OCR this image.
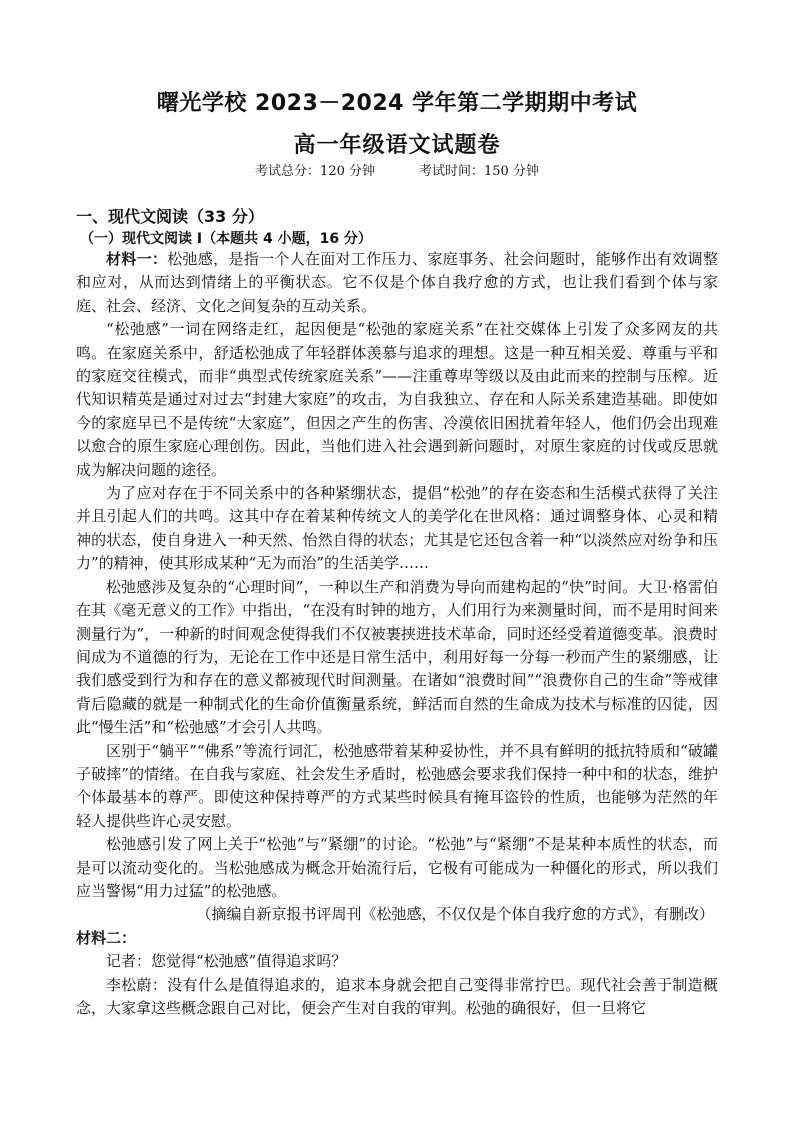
曙光学校 2023－2024 学年第二学期期中考试
高一年级语文试题卷
考试总分：120 分钟	考试时间：150 分钟
一、现代文阅读（33 分）
（一）现代文阅读 Ⅰ（本题共 4 小题，16 分）

材料一：松弛感，是指一个人在面对工作压力、家庭事务、社会问题时，能够作出有效调整和应对，从而达到情绪上的平衡状态。它不仅是个体自我疗愈的方式，也让我们看到个体与家庭、社会、经济、文化之间复杂的互动关系。

“松弛感”一词在网络走红，起因便是“松弛的家庭关系”在社交媒体上引发了众多网友的共鸣。在家庭关系中，舒适松弛成了年轻群体羡慕与追求的理想。这是一种互相关爱、尊重与平和的家庭交往模式，而非“典型式传统家庭关系”——注重尊卑等级以及由此而来的控制与压榨。近代知识精英是通过对过去“封建大家庭”的攻击，为自我独立、存在和人际关系建造基础。即使如今的家庭早已不是传统“大家庭”，但因之产生的伤害、冷漠依旧困扰着年轻人，他们仍会出现难以愈合的原生家庭心理创伤。因此，当他们进入社会遇到新问题时，对原生家庭的讨伐或反思就成为解决问题的途径。

为了应对存在于不同关系中的各种紧绷状态，提倡“松弛”的存在姿态和生活模式获得了关注并且引起人们的共鸣。这其中存在着某种传统文人的美学化在世风格：通过调整身体、心灵和精神的状态，使自身进入一种天然、怡然自得的状态；尤其是它还包含着一种“以淡然应对纷争和压力”的精神，使其形成某种“无为而治”的生活美学……

松弛感涉及复杂的“心理时间”，一种以生产和消费为导向而建构起的“快”时间。大卫·格雷伯在其《毫无意义的工作》中指出，“在没有时钟的地方，人们用行为来测量时间，而不是用时间来测量行为”，一种新的时间观念使得我们不仅被裹挟进技术革命，同时还经受着道德变革。浪费时间成为不道德的行为，无论在工作中还是日常生活中，利用好每一分每一秒而产生的紧绷感，让我们感受到行为和存在的意义都被现代时间测量。在诸如“浪费时间”“浪费你自己的生命”等戒律背后隐藏的就是一种制式化的生命价值衡量系统，鲜活而自然的生命成为技术与标准的囚徒，因此“慢生活”和“松弛感”才会引人共鸣。

区别于“躺平”“佛系”等流行词汇，松弛感带着某种妥协性，并不具有鲜明的抵抗特质和“破罐子破摔”的情绪。在自我与家庭、社会发生矛盾时，松弛感会要求我们保持一种中和的状态，维护个体最基本的尊严。即使这种保持尊严的方式某些时候具有掩耳盗铃的性质，也能够为茫然的年轻人提供些许心灵安慰。

松弛感引发了网上关于“松弛”与“紧绷”的讨论。“松弛”与“紧绷”不是某种本质性的状态，而是可以流动变化的。当松弛感成为概念开始流行后，它极有可能成为一种僵化的形式，所以我们应当警惕“用力过猛”的松弛感。

（摘编自新京报书评周刊《松弛感，不仅仅是个体自我疗愈的方式》，有删改）

材料二：

记者：您觉得“松弛感”值得追求吗？

李松蔚：没有什么是值得追求的，追求本身就会把自己变得非常拧巴。现代社会善于制造概念，大家拿这些概念跟自己对比，便会产生对自我的审判。松弛的确很好，但一旦将它
